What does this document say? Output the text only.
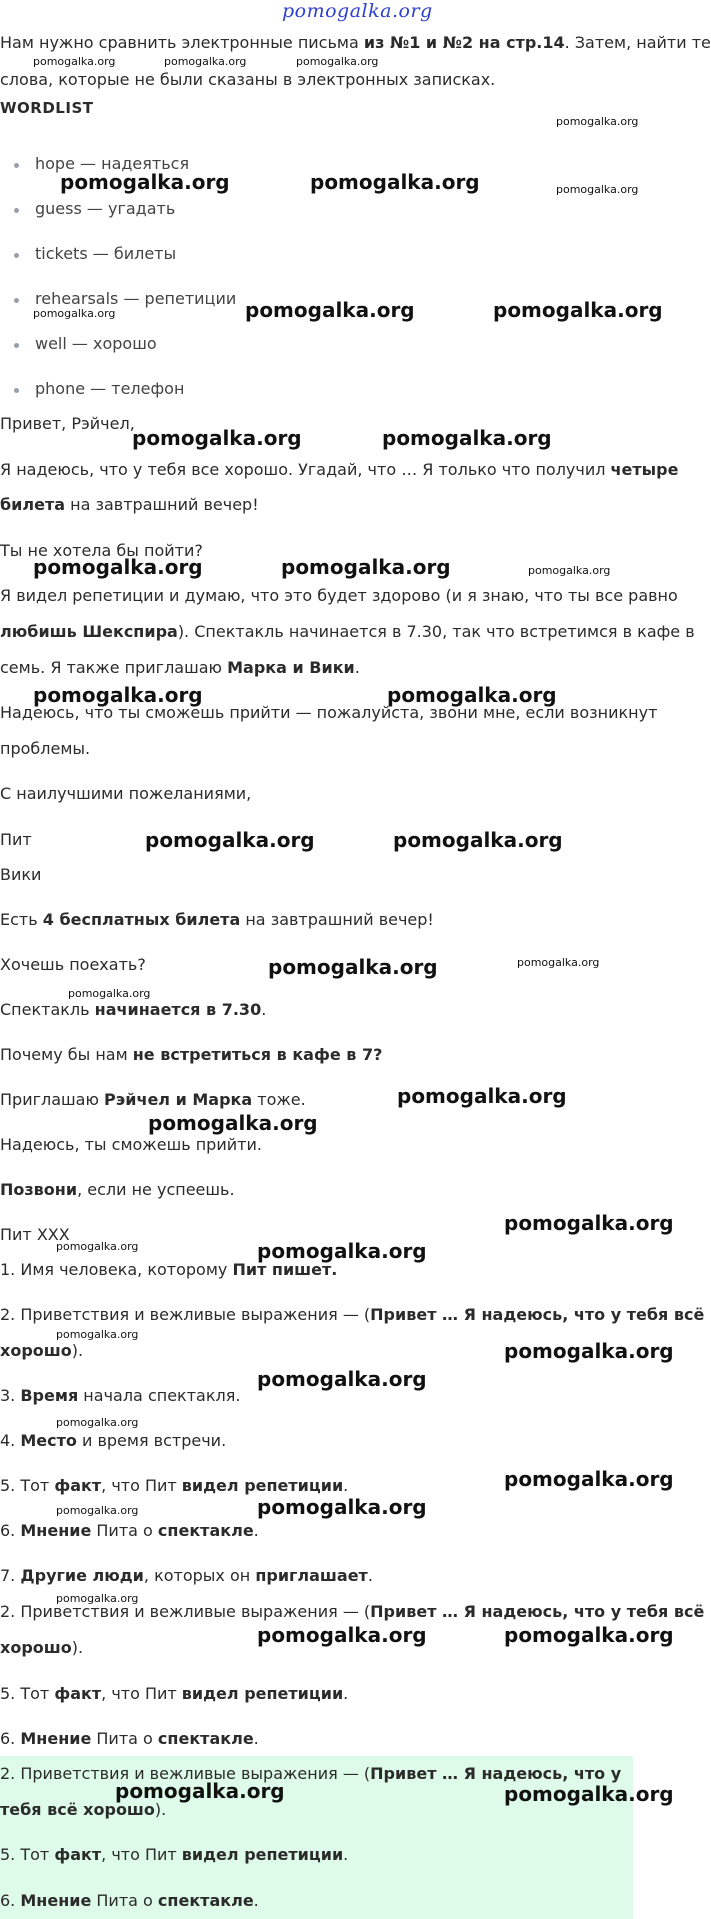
pomogalka.org
Нам нужно сравнить электронные письма из №1 и №2 на стр.14. Затем, найти те
слова, которые не были сказаны в электронных записках.
WORDLIST
hope — надеяться
guess — угадать
tickets — билеты
rehearsals — репетиции
well — хорошо
phone — телефон
Привет, Рэйчел,
Я надеюсь, что у тебя все хорошо. Угадай, что … Я только что получил четыре
билета на завтрашний вечер!
Ты не хотела бы пойти?
Я видел репетиции и думаю, что это будет здорово (и я знаю, что ты все равно
любишь Шекспира). Спектакль начинается в 7.30, так что встретимся в кафе в
семь. Я также приглашаю Марка и Вики.
Надеюсь, что ты сможешь прийти — пожалуйста, звони мне, если возникнут
проблемы.
С наилучшими пожеланиями,
Пит
Вики
Есть 4 бесплатных билета на завтрашний вечер!
Хочешь поехать?
Спектакль начинается в 7.30.
Почему бы нам не встретиться в кафе в 7?
Приглашаю Рэйчел и Марка тоже.
Надеюсь, ты сможешь прийти.
Позвони, если не успеешь.
Пит XXX
1. Имя человека, которому Пит пишет.
2. Приветствия и вежливые выражения — (Привет … Я надеюсь, что у тебя всё
хорошо).
3. Время начала спектакля.
4. Место и время встречи.
5. Тот факт, что Пит видел репетиции.
6. Мнение Пита о спектакле.
7. Другие люди, которых он приглашает.
2. Приветствия и вежливые выражения — (Привет … Я надеюсь, что у тебя всё
хорошо).
5. Тот факт, что Пит видел репетиции.
6. Мнение Пита о спектакле.
2. Приветствия и вежливые выражения — (Привет … Я надеюсь, что у
тебя всё хорошо).
5. Тот факт, что Пит видел репетиции.
6. Мнение Пита о спектакле.
pomogalka.org	pomogalka.org
pomogalka.org	pomogalka.org
pomogalka.org	pomogalka.org
pomogalka.org	pomogalka.org
pomogalka.org	pomogalka.org
pomogalka.org	pomogalka.org
pomogalka.org
pomogalka.org
pomogalka.org
pomogalka.org
pomogalka.org
pomogalka.org
pomogalka.org
pomogalka.org
pomogalka.org
pomogalka.org	pomogalka.org
pomogalka.org	pomogalka.org
pomogalka.org	pomogalka.org	pomogalka.org
pomogalka.org
pomogalka.org
pomogalka.org
pomogalka.org
pomogalka.org
pomogalka.org
pomogalka.org
pomogalka.org
pomogalka.org
pomogalka.org
pomogalka.org
